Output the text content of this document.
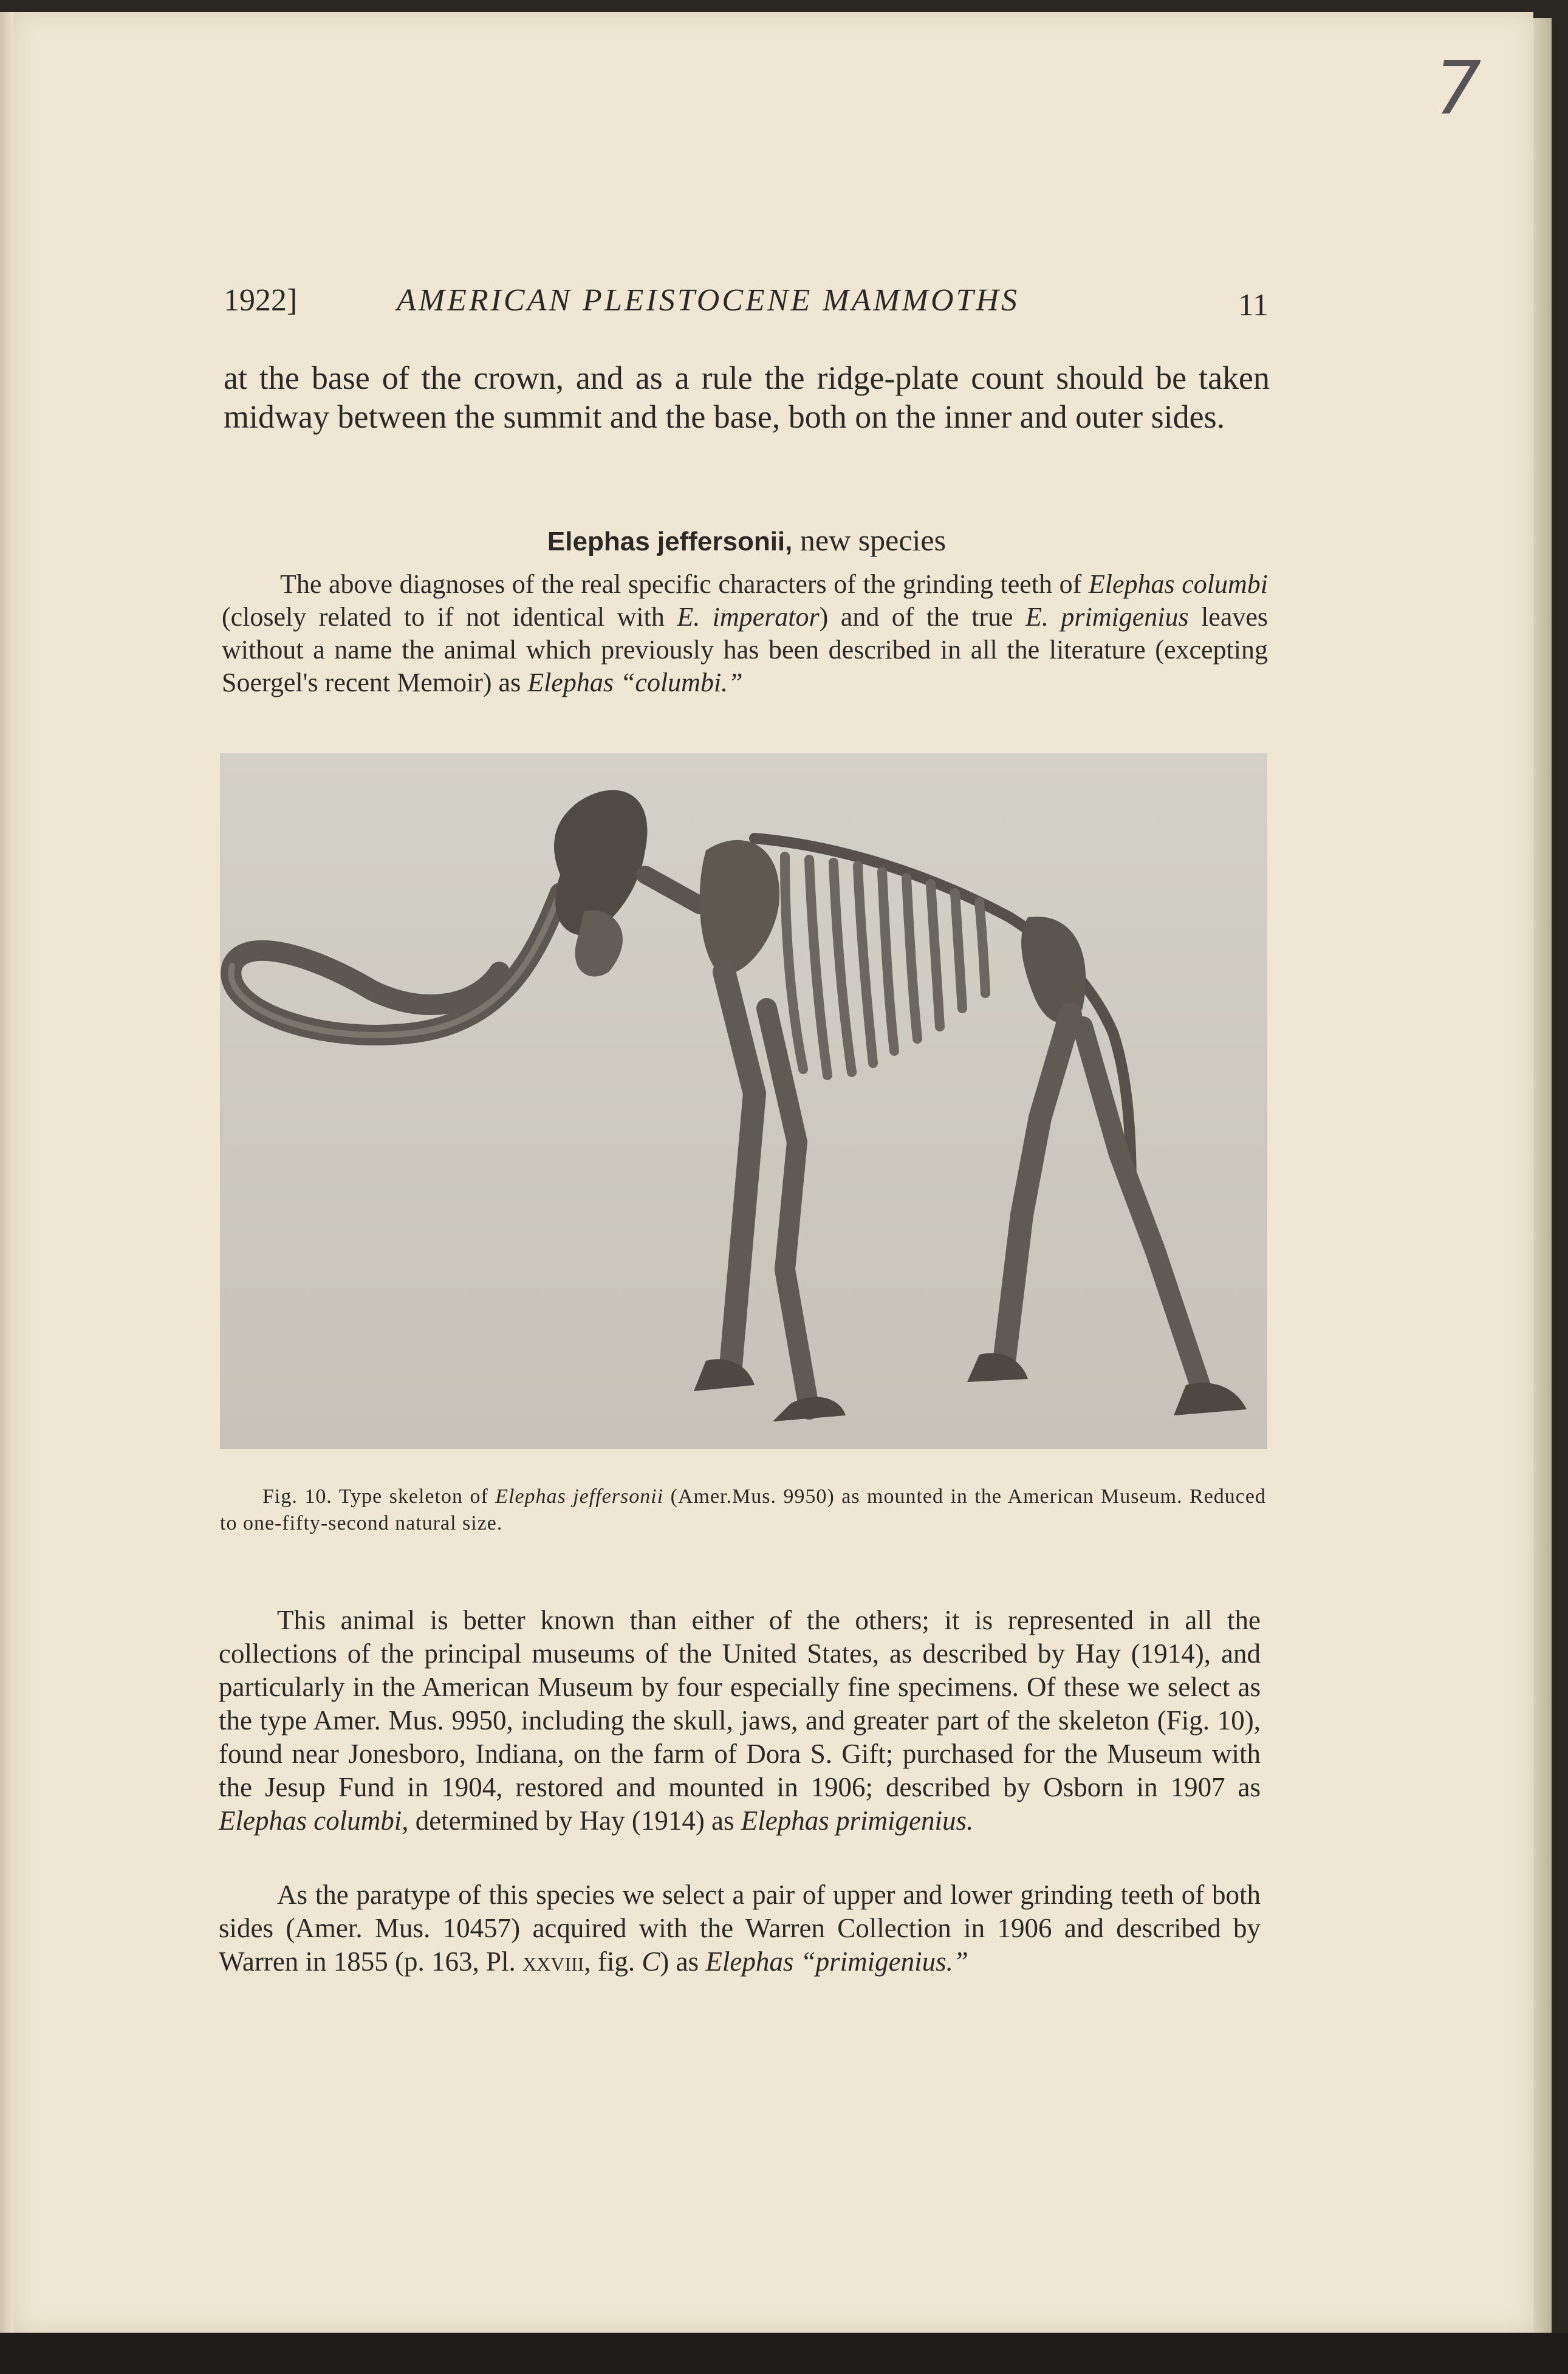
7
1922]	AMERICAN PLEISTOCENE MAMMOTHS	11
at the base of the crown, and as a rule the ridge-plate count should be taken midway between the summit and the base, both on the inner and outer sides.
Elephas jeffersonii, new species
The above diagnoses of the real specific characters of the grinding teeth of Elephas columbi (closely related to if not identical with E. imperator) and of the true E. primigenius leaves without a name the animal which previously has been described in all the literature (excepting Soergel's recent Memoir) as Elephas “columbi.”
Fig. 10. Type skeleton of Elephas jeffersonii (Amer.Mus. 9950) as mounted in the American Museum. Reduced to one-fifty-second natural size.
This animal is better known than either of the others; it is represented in all the collections of the principal museums of the United States, as described by Hay (1914), and particularly in the American Museum by four especially fine specimens. Of these we select as the type Amer. Mus. 9950, including the skull, jaws, and greater part of the skeleton (Fig. 10), found near Jonesboro, Indiana, on the farm of Dora S. Gift; purchased for the Museum with the Jesup Fund in 1904, restored and mounted in 1906; described by Osborn in 1907 as Elephas columbi, determined by Hay (1914) as Elephas primigenius.
As the paratype of this species we select a pair of upper and lower grinding teeth of both sides (Amer. Mus. 10457) acquired with the Warren Collection in 1906 and described by Warren in 1855 (p. 163, Pl. xxviii, fig. C) as Elephas “primigenius.”
